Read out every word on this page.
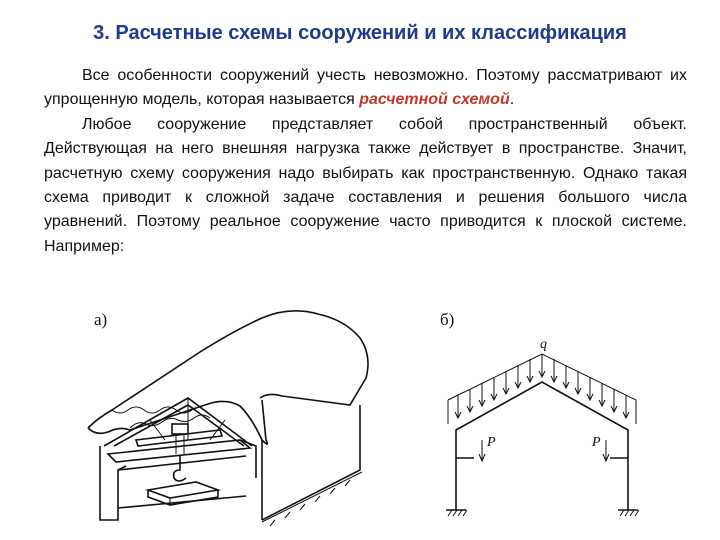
3. Расчетные схемы сооружений и их классификация

Все особенности сооружений учесть невозможно. Поэтому рассматривают их упрощенную модель, которая называется расчетной схемой.

Любое сооружение представляет собой пространственный объект. Действующая на него внешняя нагрузка также действует в пространстве. Значит, расчетную схему сооружения надо выбирать как пространственную. Однако такая схема приводит к сложной задаче составления и решения большого числа уравнений. Поэтому реальное сооружение часто приводится к плоской системе. Например:

а)	б)
q
P	P
